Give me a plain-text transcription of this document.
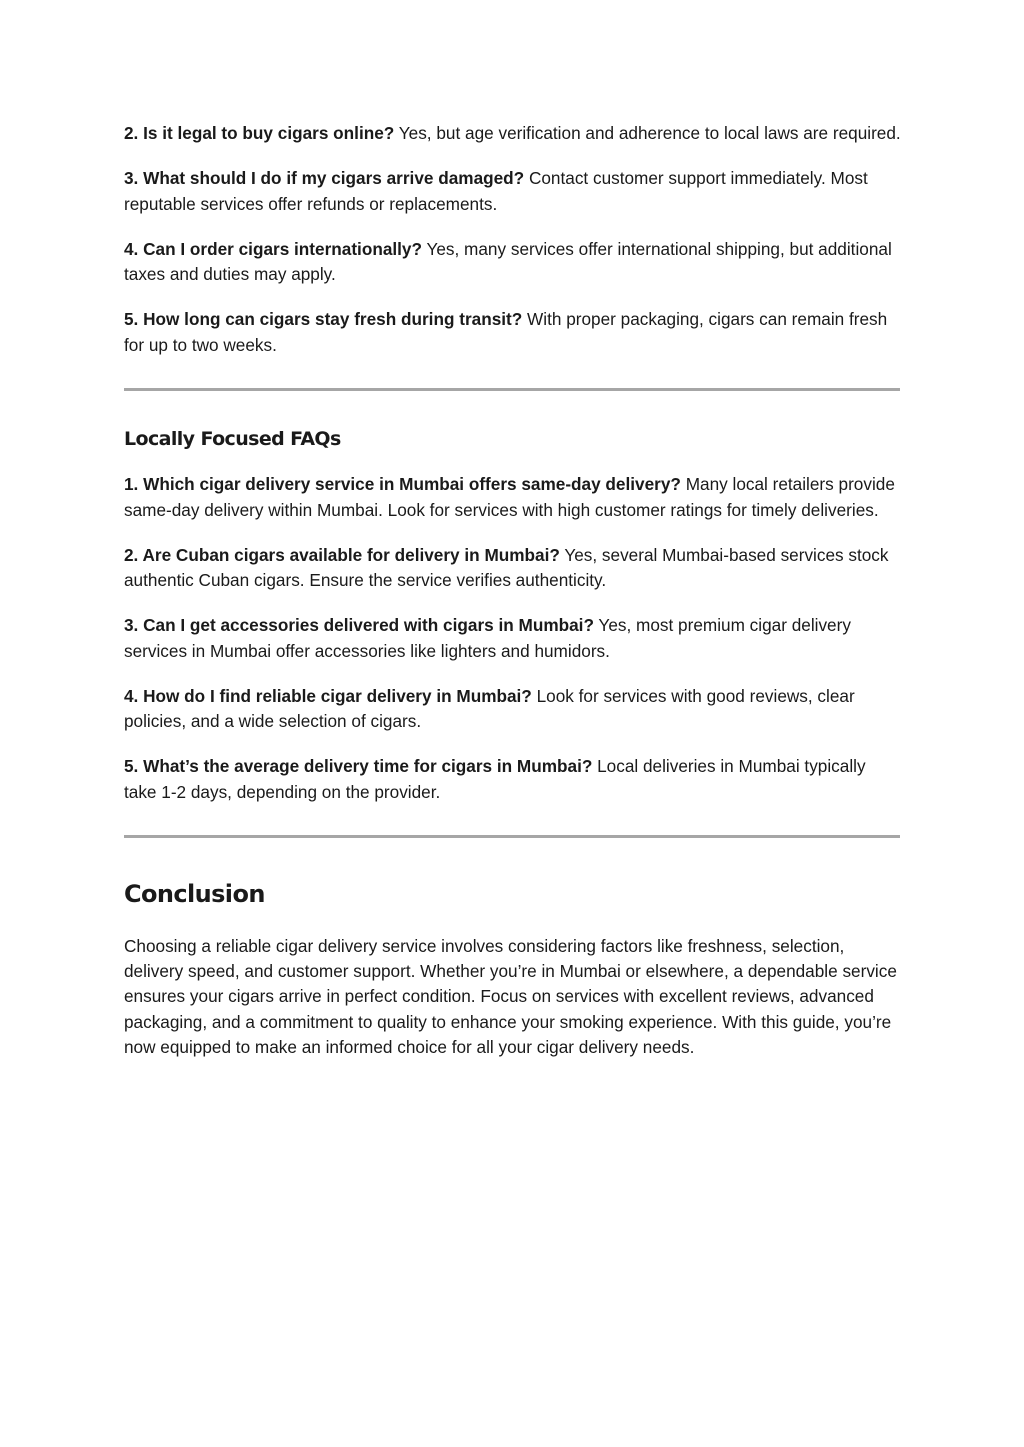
2. Is it legal to buy cigars online? Yes, but age verification and adherence to local laws are required.

3. What should I do if my cigars arrive damaged? Contact customer support immediately. Most reputable services offer refunds or replacements.

4. Can I order cigars internationally? Yes, many services offer international shipping, but additional taxes and duties may apply.

5. How long can cigars stay fresh during transit? With proper packaging, cigars can remain fresh for up to two weeks.

Locally Focused FAQs

1. Which cigar delivery service in Mumbai offers same-day delivery? Many local retailers provide same-day delivery within Mumbai. Look for services with high customer ratings for timely deliveries.

2. Are Cuban cigars available for delivery in Mumbai? Yes, several Mumbai-based services stock authentic Cuban cigars. Ensure the service verifies authenticity.

3. Can I get accessories delivered with cigars in Mumbai? Yes, most premium cigar delivery services in Mumbai offer accessories like lighters and humidors.

4. How do I find reliable cigar delivery in Mumbai? Look for services with good reviews, clear policies, and a wide selection of cigars.

5. What’s the average delivery time for cigars in Mumbai? Local deliveries in Mumbai typically take 1-2 days, depending on the provider.

Conclusion

Choosing a reliable cigar delivery service involves considering factors like freshness, selection, delivery speed, and customer support. Whether you’re in Mumbai or elsewhere, a dependable service ensures your cigars arrive in perfect condition. Focus on services with excellent reviews, advanced packaging, and a commitment to quality to enhance your smoking experience. With this guide, you’re now equipped to make an informed choice for all your cigar delivery needs.
